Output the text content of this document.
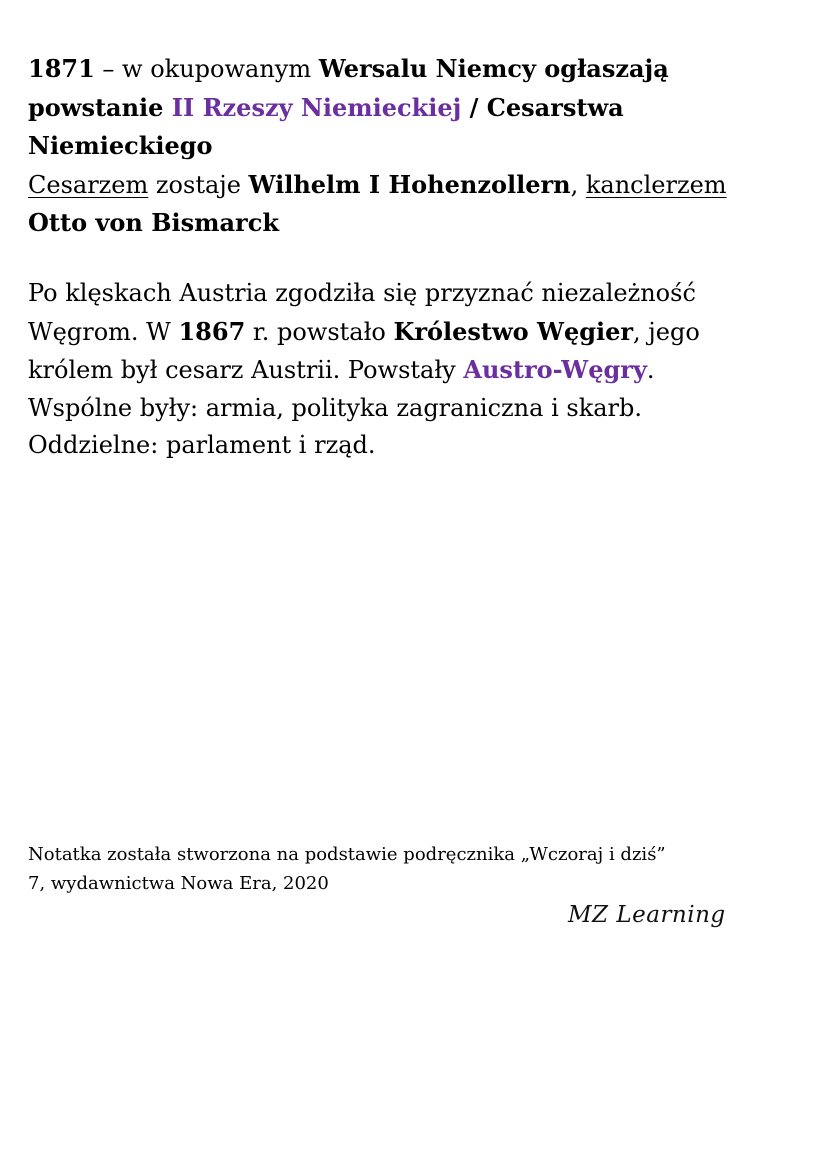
1871 – w okupowanym Wersalu Niemcy ogłaszają
powstanie II Rzeszy Niemieckiej / Cesarstwa
Niemieckiego
Cesarzem zostaje Wilhelm I Hohenzollern, kanclerzem
Otto von Bismarck
Po klęskach Austria zgodziła się przyznać niezależność
Węgrom. W 1867 r. powstało Królestwo Węgier, jego
królem był cesarz Austrii. Powstały Austro-Węgry.
Wspólne były: armia, polityka zagraniczna i skarb.
Oddzielne: parlament i rząd.
Notatka została stworzona na podstawie podręcznika „Wczoraj i dziś”
7, wydawnictwa Nowa Era, 2020
MZ Learning
